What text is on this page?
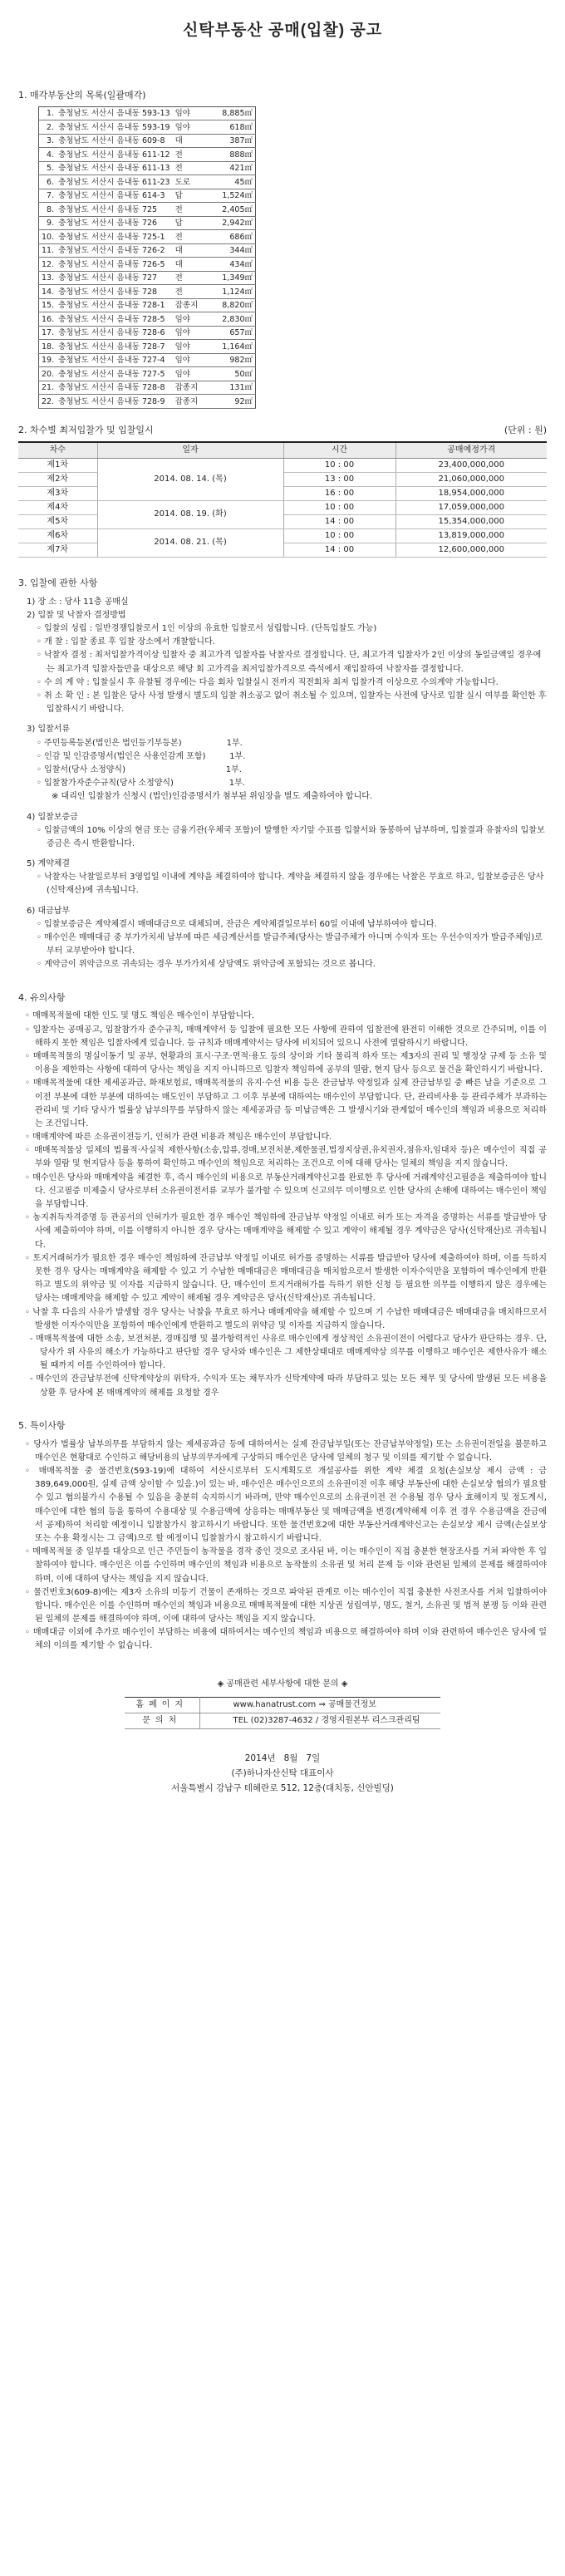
신탁부동산 공매(입찰) 공고
1. 매각부동산의 목록(일괄매각)
1.	충청남도 서산시 음내동 593-13	임야	8,885㎡
2.	충청남도 서산시 음내동 593-19	임야	618㎡
3.	충청남도 서산시 음내동 609-8	대	387㎡
4.	충청남도 서산시 음내동 611-12	전	888㎡
5.	충청남도 서산시 음내동 611-13	전	421㎡
6.	충청남도 서산시 음내동 611-23	도로	45㎡
7.	충청남도 서산시 음내동 614-3	답	1,524㎡
8.	충청남도 서산시 음내동 725	전	2,405㎡
9.	충청남도 서산시 음내동 726	답	2,942㎡
10.	충청남도 서산시 음내동 725-1	전	686㎡
11.	충청남도 서산시 음내동 726-2	대	344㎡
12.	충청남도 서산시 음내동 726-5	대	434㎡
13.	충청남도 서산시 음내동 727	전	1,349㎡
14.	충청남도 서산시 음내동 728	전	1,124㎡
15.	충청남도 서산시 음내동 728-1	잡종지	8,820㎡
16.	충청남도 서산시 음내동 728-5	임야	2,830㎡
17.	충청남도 서산시 음내동 728-6	임야	657㎡
18.	충청남도 서산시 음내동 728-7	임야	1,164㎡
19.	충청남도 서산시 음내동 727-4	임야	982㎡
20.	충청남도 서산시 음내동 727-5	임야	50㎡
21.	충청남도 서산시 음내동 728-8	잡종지	131㎡
22.	충청남도 서산시 음내동 728-9	잡종지	92㎡
2. 차수별 최저입찰가 및 입찰일시	(단위 : 원)
차수	일자	시간	공매예정가격
제1차	2014. 08. 14. (목)	10 : 00	23,400,000,000
제2차		13 : 00	21,060,000,000
제3차		16 : 00	18,954,000,000
제4차	2014. 08. 19. (화)	10 : 00	17,059,000,000
제5차		14 : 00	15,354,000,000
제6차	2014. 08. 21. (목)	10 : 00	13,819,000,000
제7차		14 : 00	12,600,000,000
3. 입찰에 관한 사항
1) 장 소 : 당사 11층 공매실
2) 입찰 및 낙찰자 결정방법
◦ 입찰의 성립 : 일반경쟁입찰로서 1인 이상의 유효한 입찰로서 성립합니다. (단독입찰도 가능)
◦ 개 찰 : 입찰 종료 후 입찰 장소에서 개찰합니다.
◦ 낙찰자 결정 : 최저입찰가격이상 입찰자 중 최고가격 입찰자를 낙찰자로 결정합니다. 단, 최고가격 입찰자가 2인 이상의 동일금액일 경우에는 최고가격 입찰자들만을 대상으로 해당 회 고가격을 최저입찰가격으로 즉석에서 재입찰하여 낙찰자를 결정합니다.
◦ 수 의 계 약 : 입찰실시 후 유찰될 경우에는 다음 회차 입찰실시 전까지 직전회차 최저 입찰가격 이상으로 수의계약 가능합니다.
◦ 취 소 확 인 : 본 입찰은 당사 사정 발생시 별도의 입찰 취소공고 없이 취소될 수 있으며, 입찰자는 사전에 당사로 입찰 실시 여부를 확인한 후 입찰하시기 바랍니다.
3) 입찰서류
◦ 주민등록등본(법인은 법인등기부등본)                 1부.
◦ 인감 및 인감증명서(법인은 사용인감계 포함)         1부.
◦ 입찰서(당사 소정양식)                                      1부.
◦ 입찰참가자준수규칙(당사 소정양식)                     1부.
※ 대리인 입찰참가 신청시 (법인)인감증명서가 첨부된 위임장을 별도 제출하여야 합니다.
4) 입찰보증금
◦ 입찰금액의 10% 이상의 현금 또는 금융기관(우체국 포함)이 발행한 자기앞 수표를 입찰서와 동봉하여 납부하며, 입찰결과 유찰자의 입찰보증금은 즉시 반환합니다.
5) 계약체결
◦ 낙찰자는 낙찰일로부터 3영업일 이내에 계약을 체결하여야 합니다. 계약을 체결하지 않을 경우에는 낙찰은 무효로 하고, 입찰보증금은 당사(신탁재산)에 귀속됩니다.
6) 대금납부
◦ 입찰보증금은 계약체결시 매매대금으로 대체되며, 잔금은 계약체결일로부터 60일 이내에 납부하여야 합니다.
◦ 매수인은 매매대금 중 부가가치세 납부에 따른 세금계산서를 발급주체(당사는 발급주체가 아니며 수익자 또는 우선수익자가 발급주체임)로부터 교부받아야 합니다.
◦ 계약금이 위약금으로 귀속되는 경우 부가가치세 상당액도 위약금에 포함되는 것으로 봅니다.
4. 유의사항
◦ 매매목적물에 대한 인도 및 명도 책임은 매수인이 부담합니다.
◦ 입찰자는 공매공고, 입찰참가자 준수규칙, 매매계약서 등 입찰에 필요한 모든 사항에 관하여 입찰전에 완전히 이해한 것으로 간주되며, 이를 이해하지 못한 책임은 입찰자에게 있습니다. 등 규칙과 매매계약서는 당사에 비치되어 있으니 사전에 열람하시기 바랍니다.
◦ 매매목적물의 명실이동기 및 공부, 현황과의 표시·구조·면적·용도 등의 상이와 기타 물리적 하자 또는 제3자의 권리 및 행정상 규제 등 소유 및 이용을 제한하는 사항에 대하여 당사는 책임을 지지 아니하므로 입찰자 책임하에 공부의 열람, 현지 답사 등으로 물건을 확인하시기 바랍니다.
◦ 매매목적물에 대한 제세공과금, 화재보험료, 매매목적물의 유지·수선 비용 등은 잔금납부 약정일과 실제 잔금납부일 중 빠른 날을 기준으로 그 이전 부분에 대한 부분에 대하여는 매도인이 부담하고 그 이후 부분에 대하여는 매수인이 부담합니다. 단, 관리비사용 등 관리주체가 부과하는 관리비 및 기타 당사가 법률상 납부의무를 부담하지 않는 제세공과금 등 미납금액은 그 발생시기와 관계없이 매수인의 책임과 비용으로 처리하는 조건입니다.
◦ 매매계약에 따른 소유권이전등기, 인허가 관련 비용과 책임은 매수인이 부담합니다.
◦ 매매목적물상 일체의 법률적·사실적 제한사항(소송,압류,경매,보전처분,제한물권,법정지상권,유치권자,점유자,임대차 등)은 매수인이 직접 공부와 열람 및 현지답사 등을 통하여 확인하고 매수인의 책임으로 처리하는 조건으로 이에 대해 당사는 일체의 책임을 지지 않습니다.
◦ 매수인은 당사와 매매계약을 체결한 후, 즉시 매수인의 비용으로 부동산거래계약신고를 완료한 후 당사에 거래계약신고필증을 제출하여야 합니다. 신고필증 미제출시 당사로부터 소유권이전서류 교부가 불가할 수 있으며 신고의무 미이행으로 인한 당사의 손해에 대하여는 매수인이 책임을 부담합니다.
◦ 농지취득자격증명 등 관공서의 인허가가 필요한 경우 매수인 책임하에 잔금납부 약정일 이내로 허가 또는 자격을 증명하는 서류를 발급받아 당사에 제출하여야 하며, 이를 이행하지 아니한 경우 당사는 매매계약을 해제할 수 있고 계약이 해제될 경우 계약금은 당사(신탁재산)로 귀속됩니다.
◦ 토지거래허가가 필요한 경우 매수인 책임하에 잔금납부 약정일 이내로 허가를 증명하는 서류를 발급받아 당사에 제출하여야 하며, 이를 득하지 못한 경우 당사는 매매계약을 해제할 수 있고 기 수납한 매매대금은 매매대금을 매치합으로서 발생한 이자수익만을 포함하여 매수인에게 반환하고 별도의 위약금 및 이자를 지급하지 않습니다. 단, 매수인이 토지거래허가를 득하기 위한 신청 등 필요한 의무를 이행하지 않은 경우에는 당사는 매매계약을 해제할 수 있고 계약이 해제될 경우 계약금은 당사(신탁재산)로 귀속됩니다.
◦ 낙찰 후 다음의 사유가 발생할 경우 당사는 낙찰을 무효로 하거나 매매계약을 해제할 수 있으며 기 수납한 매매대금은 매매대금을 매치하므로서 발생한 이자수익만을 포함하여 매수인에게 반환하고 별도의 위약금 및 이자를 지급하지 않습니다.
- 매매목적물에 대한 소송, 보전처분, 경매집행 및 불가항력적인 사유로 매수인에게 정상적인 소유권이전이 어렵다고 당사가 판단하는 경우. 단, 당사가 위 사유의 해소가 가능하다고 판단할 경우 당사와 매수인은 그 제한상태대로 매매계약상 의무를 이행하고 매수인은 제한사유가 해소될 때까지 이를 수인하여야 합니다.
- 매수인의 잔금납부전에 신탁계약상의 위탁자, 수익자 또는 채무자가 신탁계약에 따라 부담하고 있는 모든 채무 및 당사에 발생된 모든 비용을 상환 후 당사에 본 매매계약의 해제를 요청할 경우
5. 특이사항
◦ 당사가 법률상 납부의무를 부담하지 않는 제세공과금 등에 대하여서는 실제 잔금납부일(또는 잔금납부약정일) 또는 소유권이전일을 불문하고 매수인은 현황대로 수인하고 해당비용의 납부의무자에게 구상하되 매수인은 당사에 일체의 청구 및 이의를 제기할 수 없습니다.
◦ 매매목적물 중 물건번호(593-19)에 대하여 서산시로부터 도시계획도로 개설공사를 위한 계약 체결 요청(손실보상 제시 금액 : 금389,649,000원, 실제 금액 상이할 수 있음.)이 있는 바, 매수인은 매수인으로의 소유권이전 이후 해당 부동산에 대한 손실보상 협의가 필요할 수 있고 협의불가시 수용될 수 있음을 충분히 숙지하시기 바라며, 만약 매수인으로의 소유권이전 전 수용될 경우 당사 효해이지 및 정도계시, 매수인에 대한 협의 등을 통하여 수용대상 및 수용금액에 상응하는 매매부동산 및 매매금액을 변경(계약해제 이후 전 경우 수용금액을 잔금에서 공제)하여 처리할 예정이니 입찰참가시 참고하시기 바랍니다. 또한 물건번호2에 대한 부동산거래계약신고는 손실보상 제시 금액(손실보상 또는 수용 확정시는 그 금액)으로 할 예정이니 입찰참가시 참고하시기 바랍니다.
◦ 매매목적물 중 일부를 대상으로 인근 주민들이 농작물을 경작 중인 것으로 조사된 바, 이는 매수인이 직접 충분한 현장조사를 거쳐 파악한 후 입찰하여야 합니다. 매수인은 이를 수인하며 매수인의 책임과 비용으로 농작물의 소유권 및 처리 문제 등 이와 관련된 일체의 문제를 해결하여야 하며, 이에 대하여 당사는 책임을 지지 않습니다.
◦ 물건번호3(609-8)에는 제3자 소유의 미등기 건물이 존재하는 것으로 파악된 관계로 이는 매수인이 직접 충분한 사전조사를 거쳐 입찰하여야 합니다. 매수인은 이를 수인하며 매수인의 책임과 비용으로 매매목적물에 대한 지상권 성립여부, 명도, 철거, 소유권 및 법적 분쟁 등 이와 관련된 일체의 문제를 해결하여야 하며, 이에 대하여 당사는 책임을 지지 않습니다.
◦ 매매대금 이외에 추가로 매수인이 부담하는 비용에 대하여서는 매수인의 책임과 비용으로 해결하여야 하며 이와 관련하여 매수인은 당사에 일체의 이의를 제기할 수 없습니다.
◈ 공매관련 세부사항에 대한 문의 ◈
홈페이지	www.hanatrust.com ⇒ 공매물건정보
문의처	TEL (02)3287-4632 / 경영지원본부 리스크관리팀
2014년   8월   7일
(주)하나자산신탁 대표이사
서울특별시 강남구 테헤란로 512, 12층(대치동, 신안빌딩)
